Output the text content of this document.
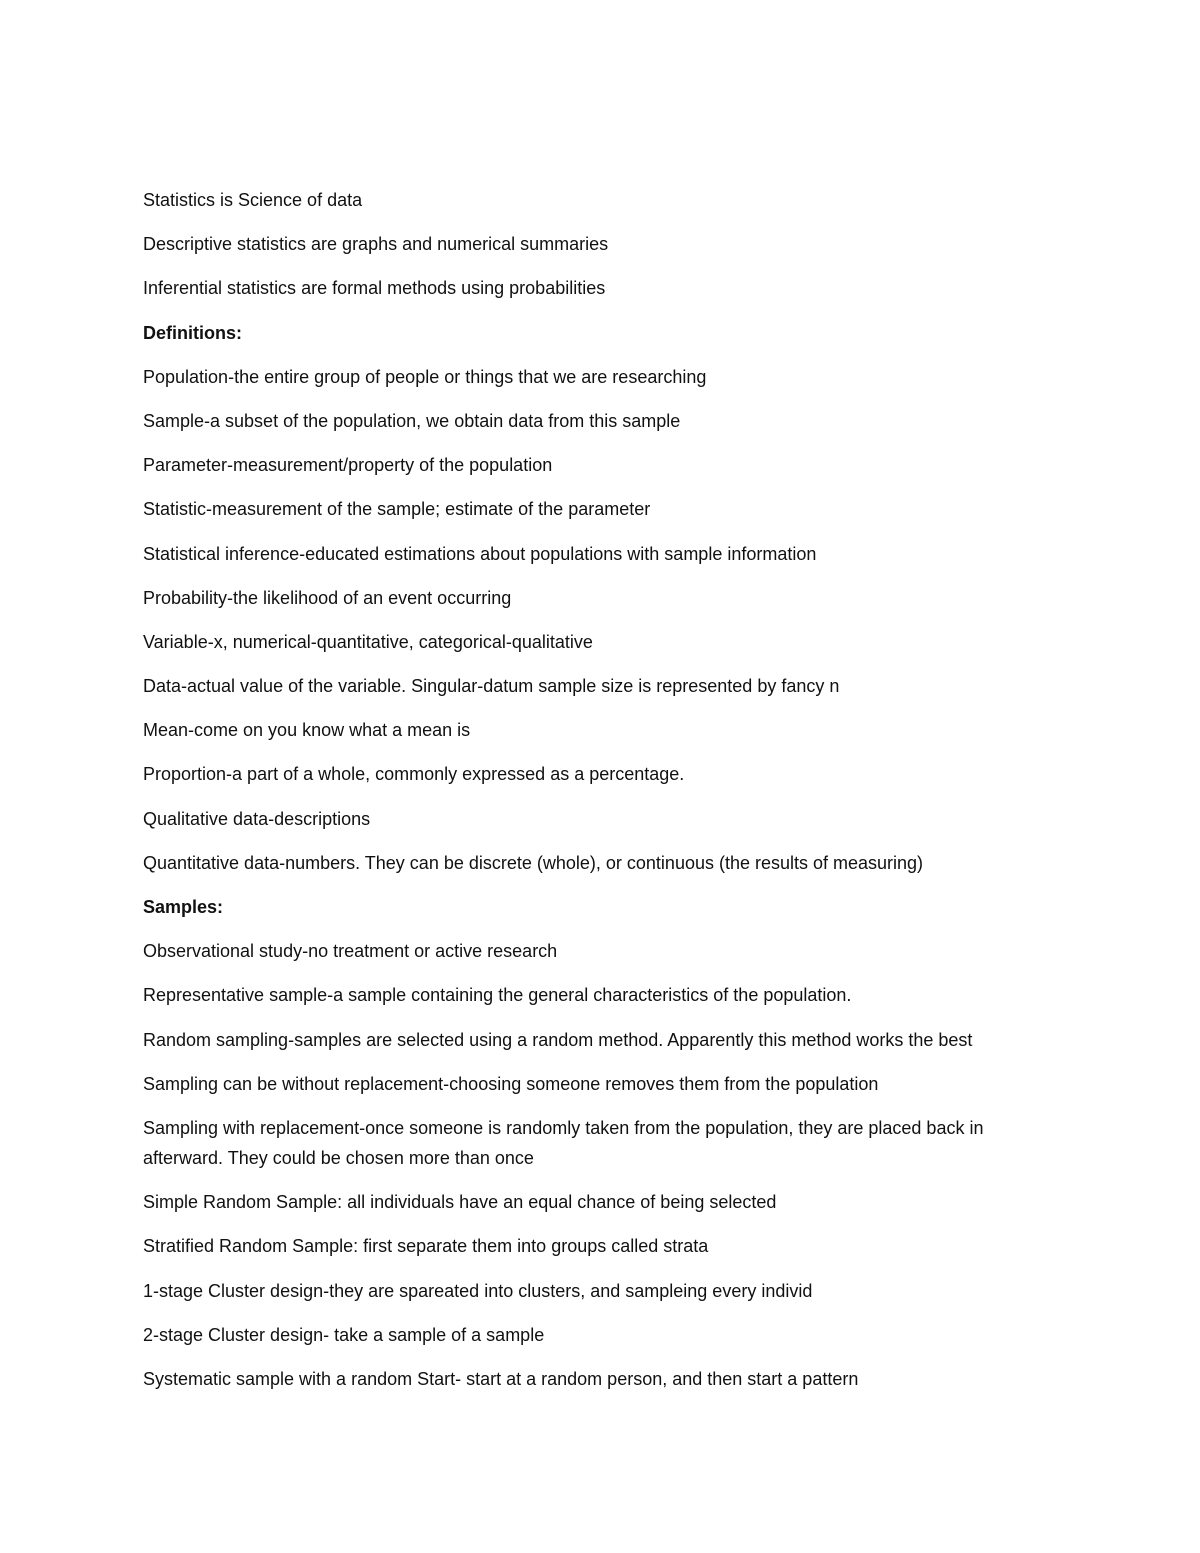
Statistics is Science of data

Descriptive statistics are graphs and numerical summaries

Inferential statistics are formal methods using probabilities

Definitions:

Population-the entire group of people or things that we are researching

Sample-a subset of the population, we obtain data from this sample

Parameter-measurement/property of the population

Statistic-measurement of the sample; estimate of the parameter

Statistical inference-educated estimations about populations with sample information

Probability-the likelihood of an event occurring

Variable-x, numerical-quantitative, categorical-qualitative

Data-actual value of the variable. Singular-datum sample size is represented by fancy n

Mean-come on you know what a mean is

Proportion-a part of a whole, commonly expressed as a percentage.

Qualitative data-descriptions

Quantitative data-numbers. They can be discrete (whole), or continuous (the results of measuring)

Samples:

Observational study-no treatment or active research

Representative sample-a sample containing the general characteristics of the population.

Random sampling-samples are selected using a random method. Apparently this method works the best

Sampling can be without replacement-choosing someone removes them from the population

Sampling with replacement-once someone is randomly taken from the population, they are placed back in afterward. They could be chosen more than once

Simple Random Sample: all individuals have an equal chance of being selected

Stratified Random Sample: first separate them into groups called strata

1-stage Cluster design-they are spareated into clusters, and sampleing every individ

2-stage Cluster design- take a sample of a sample

Systematic sample with a random Start- start at a random person, and then start a pattern
